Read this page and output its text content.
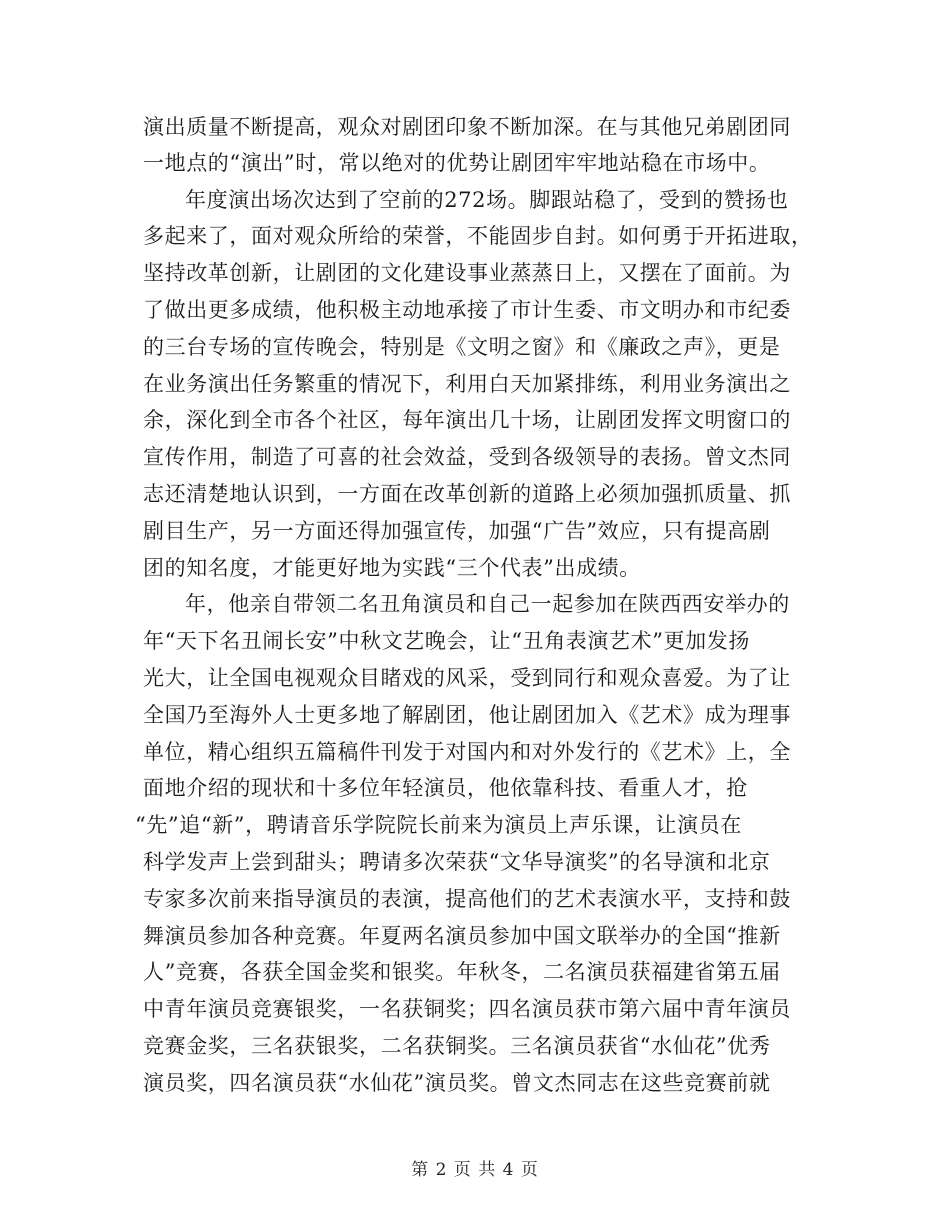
演出质量不断提高，观众对剧团印象不断加深。在与其他兄弟剧团同
一地点的“演出”时，常以绝对的优势让剧团牢牢地站稳在市场中。
年度演出场次达到了空前的272场。脚跟站稳了，受到的赞扬也
多起来了，面对观众所给的荣誉，不能固步自封。如何勇于开拓进取，
坚持改革创新，让剧团的文化建设事业蒸蒸日上，又摆在了面前。为
了做出更多成绩，他积极主动地承接了市计生委、市文明办和市纪委
的三台专场的宣传晚会，特别是《文明之窗》和《廉政之声》，更是
在业务演出任务繁重的情况下，利用白天加紧排练，利用业务演出之
余，深化到全市各个社区，每年演出几十场，让剧团发挥文明窗口的
宣传作用，制造了可喜的社会效益，受到各级领导的表扬。曾文杰同
志还清楚地认识到，一方面在改革创新的道路上必须加强抓质量、抓
剧目生产，另一方面还得加强宣传，加强“广告”效应，只有提高剧
团的知名度，才能更好地为实践“三个代表”出成绩。
年，他亲自带领二名丑角演员和自己一起参加在陕西西安举办的
年“天下名丑闹长安”中秋文艺晚会，让“丑角表演艺术”更加发扬
光大，让全国电视观众目睹戏的风采，受到同行和观众喜爱。为了让
全国乃至海外人士更多地了解剧团，他让剧团加入《艺术》成为理事
单位，精心组织五篇稿件刊发于对国内和对外发行的《艺术》上，全
面地介绍的现状和十多位年轻演员，他依靠科技、看重人才，抢
“先”追“新”，聘请音乐学院院长前来为演员上声乐课，让演员在
科学发声上尝到甜头；聘请多次荣获“文华导演奖”的名导演和北京
专家多次前来指导演员的表演，提高他们的艺术表演水平，支持和鼓
舞演员参加各种竞赛。年夏两名演员参加中国文联举办的全国“推新
人”竞赛，各获全国金奖和银奖。年秋冬，二名演员获福建省第五届
中青年演员竞赛银奖，一名获铜奖；四名演员获市第六届中青年演员
竞赛金奖，三名获银奖，二名获铜奖。三名演员获省“水仙花”优秀
演员奖，四名演员获“水仙花”演员奖。曾文杰同志在这些竞赛前就
第 2 页 共 4 页
